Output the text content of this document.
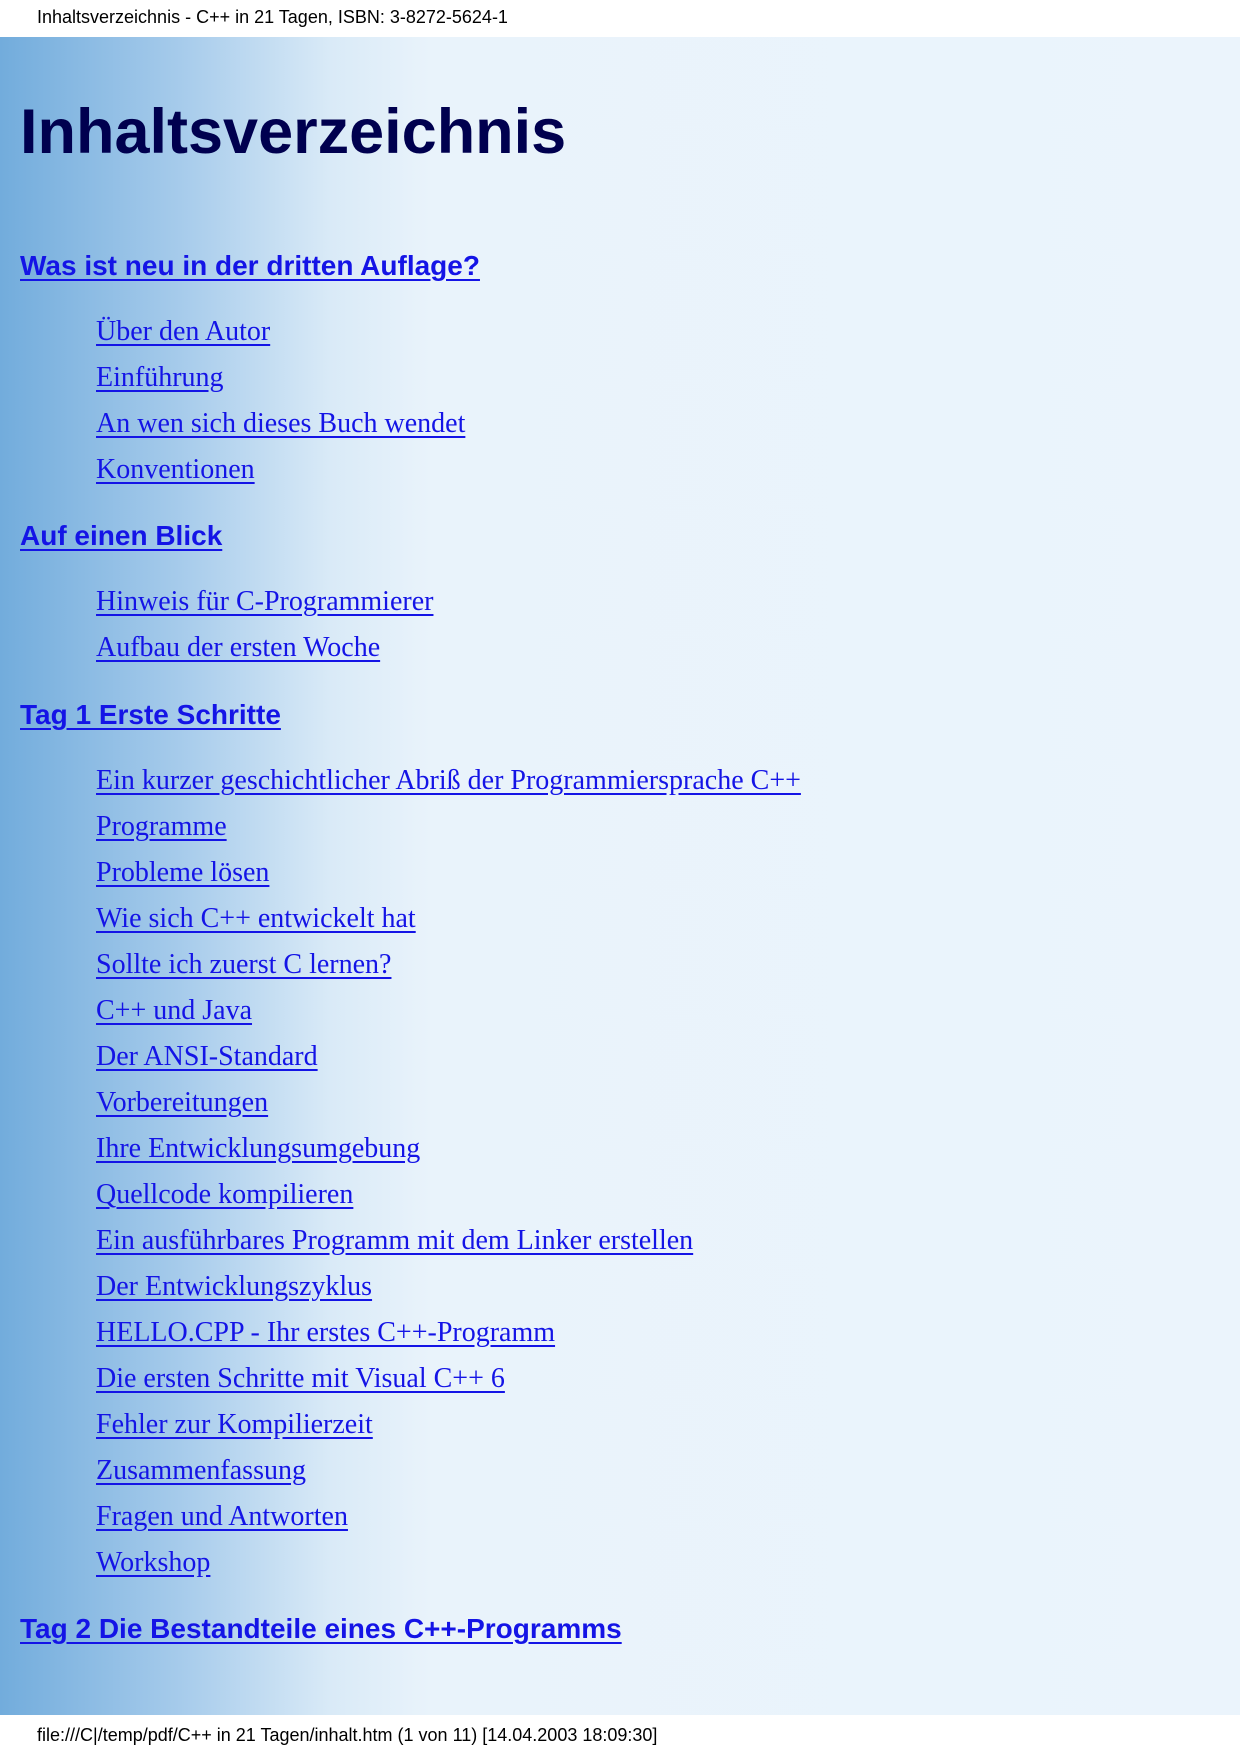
Inhaltsverzeichnis - C++ in 21 Tagen, ISBN: 3-8272-5624-1
Inhaltsverzeichnis
Was ist neu in der dritten Auflage?
Über den Autor
Einführung
An wen sich dieses Buch wendet
Konventionen
Auf einen Blick
Hinweis für C-Programmierer
Aufbau der ersten Woche
Tag 1 Erste Schritte
Ein kurzer geschichtlicher Abriß der Programmiersprache C++
Programme
Probleme lösen
Wie sich C++ entwickelt hat
Sollte ich zuerst C lernen?
C++ und Java
Der ANSI-Standard
Vorbereitungen
Ihre Entwicklungsumgebung
Quellcode kompilieren
Ein ausführbares Programm mit dem Linker erstellen
Der Entwicklungszyklus
HELLO.CPP - Ihr erstes C++-Programm
Die ersten Schritte mit Visual C++ 6
Fehler zur Kompilierzeit
Zusammenfassung
Fragen und Antworten
Workshop
Tag 2 Die Bestandteile eines C++-Programms
file:///C|/temp/pdf/C++ in 21 Tagen/inhalt.htm (1 von 11) [14.04.2003 18:09:30]
